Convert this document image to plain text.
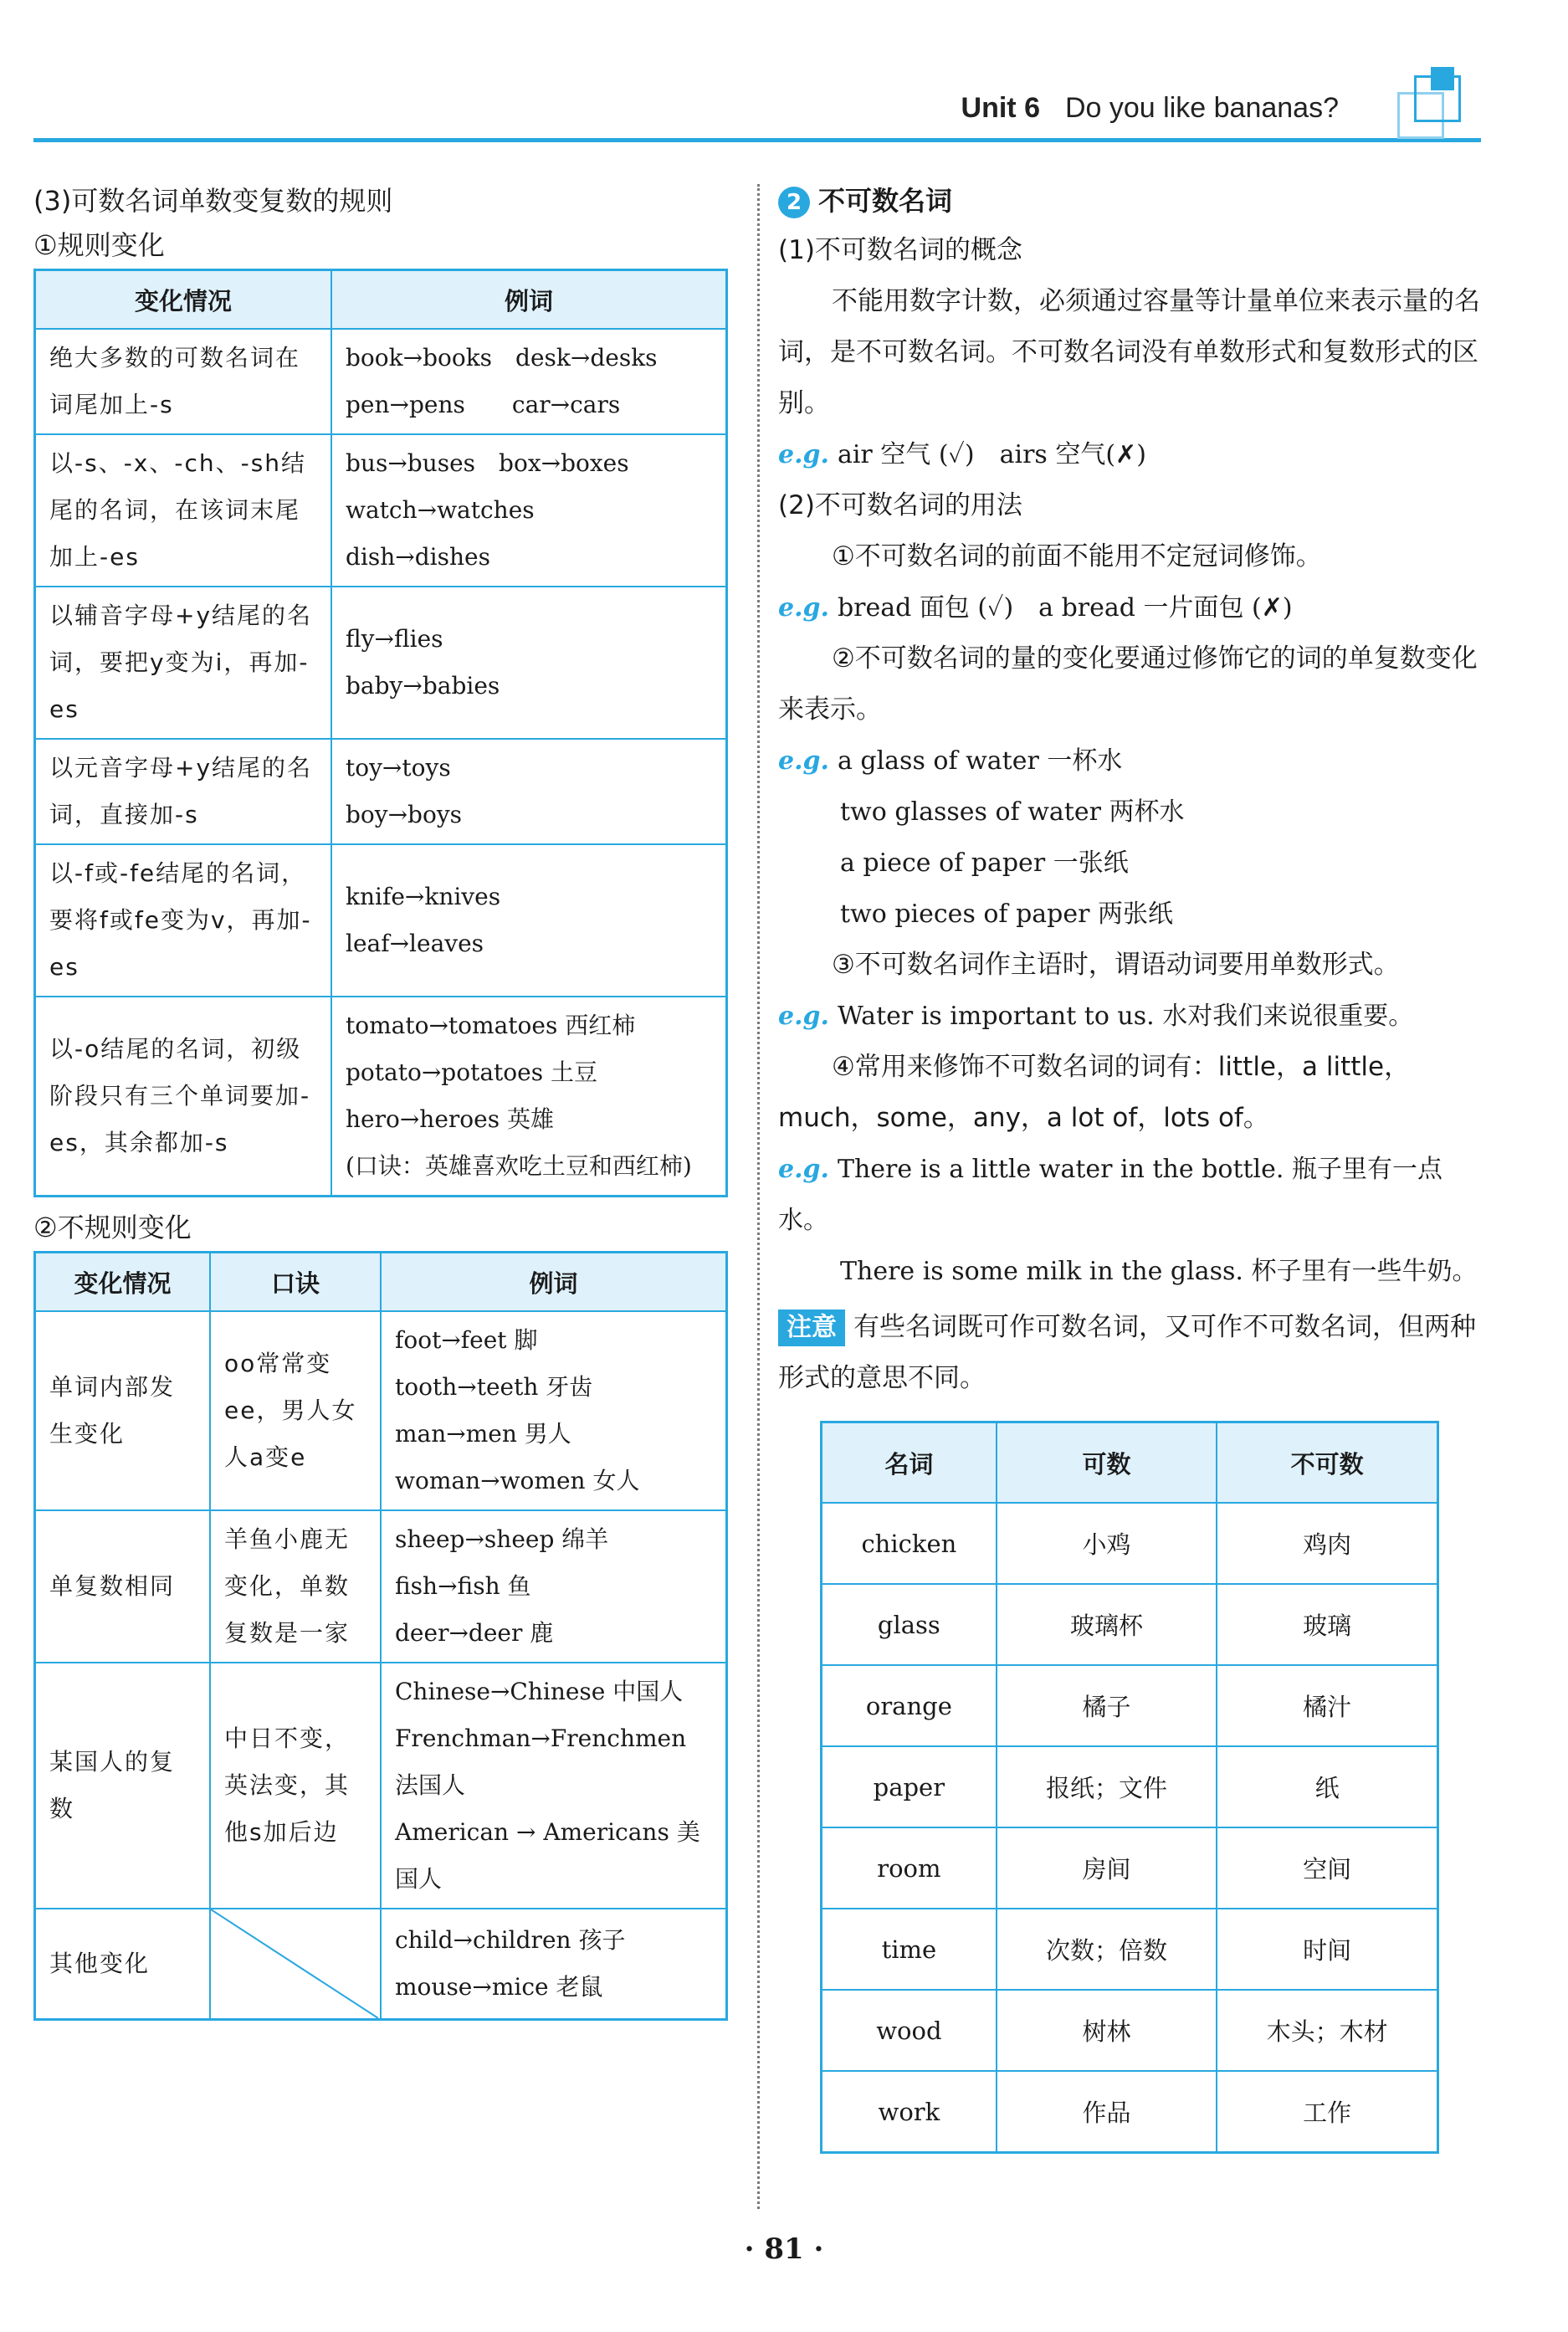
Unit 6 Do you like bananas?
(3)可数名词单数变复数的规则
①规则变化
变化情况	例词
绝大多数的可数名词在词尾加上-s	book→books　desk→desks
pen→pens　　car→cars

以-s、-x、-ch、-sh结尾的名词，在该词末尾加上-es	bus→buses　box→boxes
watch→watches
dish→dishes

以辅音字母+y结尾的名词，要把y变为i，再加-es	fly→flies
baby→babies

以元音字母+y结尾的名词，直接加-s	toy→toys
boy→boys

以-f或-fe结尾的名词，要将f或fe变为v，再加-es	knife→knives
leaf→leaves

以-o结尾的名词，初级阶段只有三个单词要加-es，其余都加-s	tomato→tomatoes 西红柿
potato→potatoes 土豆
hero→heroes 英雄
(口诀：英雄喜欢吃土豆和西红柿)
②不规则变化
变化情况	口诀	例词
单词内部发生变化	oo常常变ee，男人女人a变e	foot→feet 脚
tooth→teeth 牙齿
man→men 男人
woman→women 女人

单复数相同	羊鱼小鹿无变化，单数复数是一家	sheep→sheep 绵羊
fish→fish 鱼
deer→deer 鹿

某国人的复数	中日不变，英法变，其他s加后边	Chinese→Chinese 中国人
Frenchman→Frenchmen 法国人
American → Americans 美国人

其他变化		child→children 孩子
mouse→mice 老鼠
2 不可数名词
(1)不可数名词的概念
不能用数字计数，必须通过容量等计量单位来表示量的名词，是不可数名词。不可数名词没有单数形式和复数形式的区别。
e.g. air 空气 (✓)　airs 空气(✗)
(2)不可数名词的用法
①不可数名词的前面不能用不定冠词修饰。
e.g. bread 面包 (✓)　a bread 一片面包 (✗)
②不可数名词的量的变化要通过修饰它的词的单复数变化来表示。
e.g. a glass of water 一杯水
two glasses of water 两杯水
a piece of paper 一张纸
two pieces of paper 两张纸
③不可数名词作主语时，谓语动词要用单数形式。
e.g. Water is important to us. 水对我们来说很重要。
④常用来修饰不可数名词的词有：little，a little，much，some，any，a lot of，lots of。
e.g. There is a little water in the bottle. 瓶子里有一点水。
There is some milk in the glass. 杯子里有一些牛奶。
注意 有些名词既可作可数名词，又可作不可数名词，但两种形式的意思不同。
名词	可数	不可数
chicken	小鸡	鸡肉
glass	玻璃杯	玻璃
orange	橘子	橘汁
paper	报纸；文件	纸
room	房间	空间
time	次数；倍数	时间
wood	树林	木头；木材
work	作品	工作
· 81 ·
